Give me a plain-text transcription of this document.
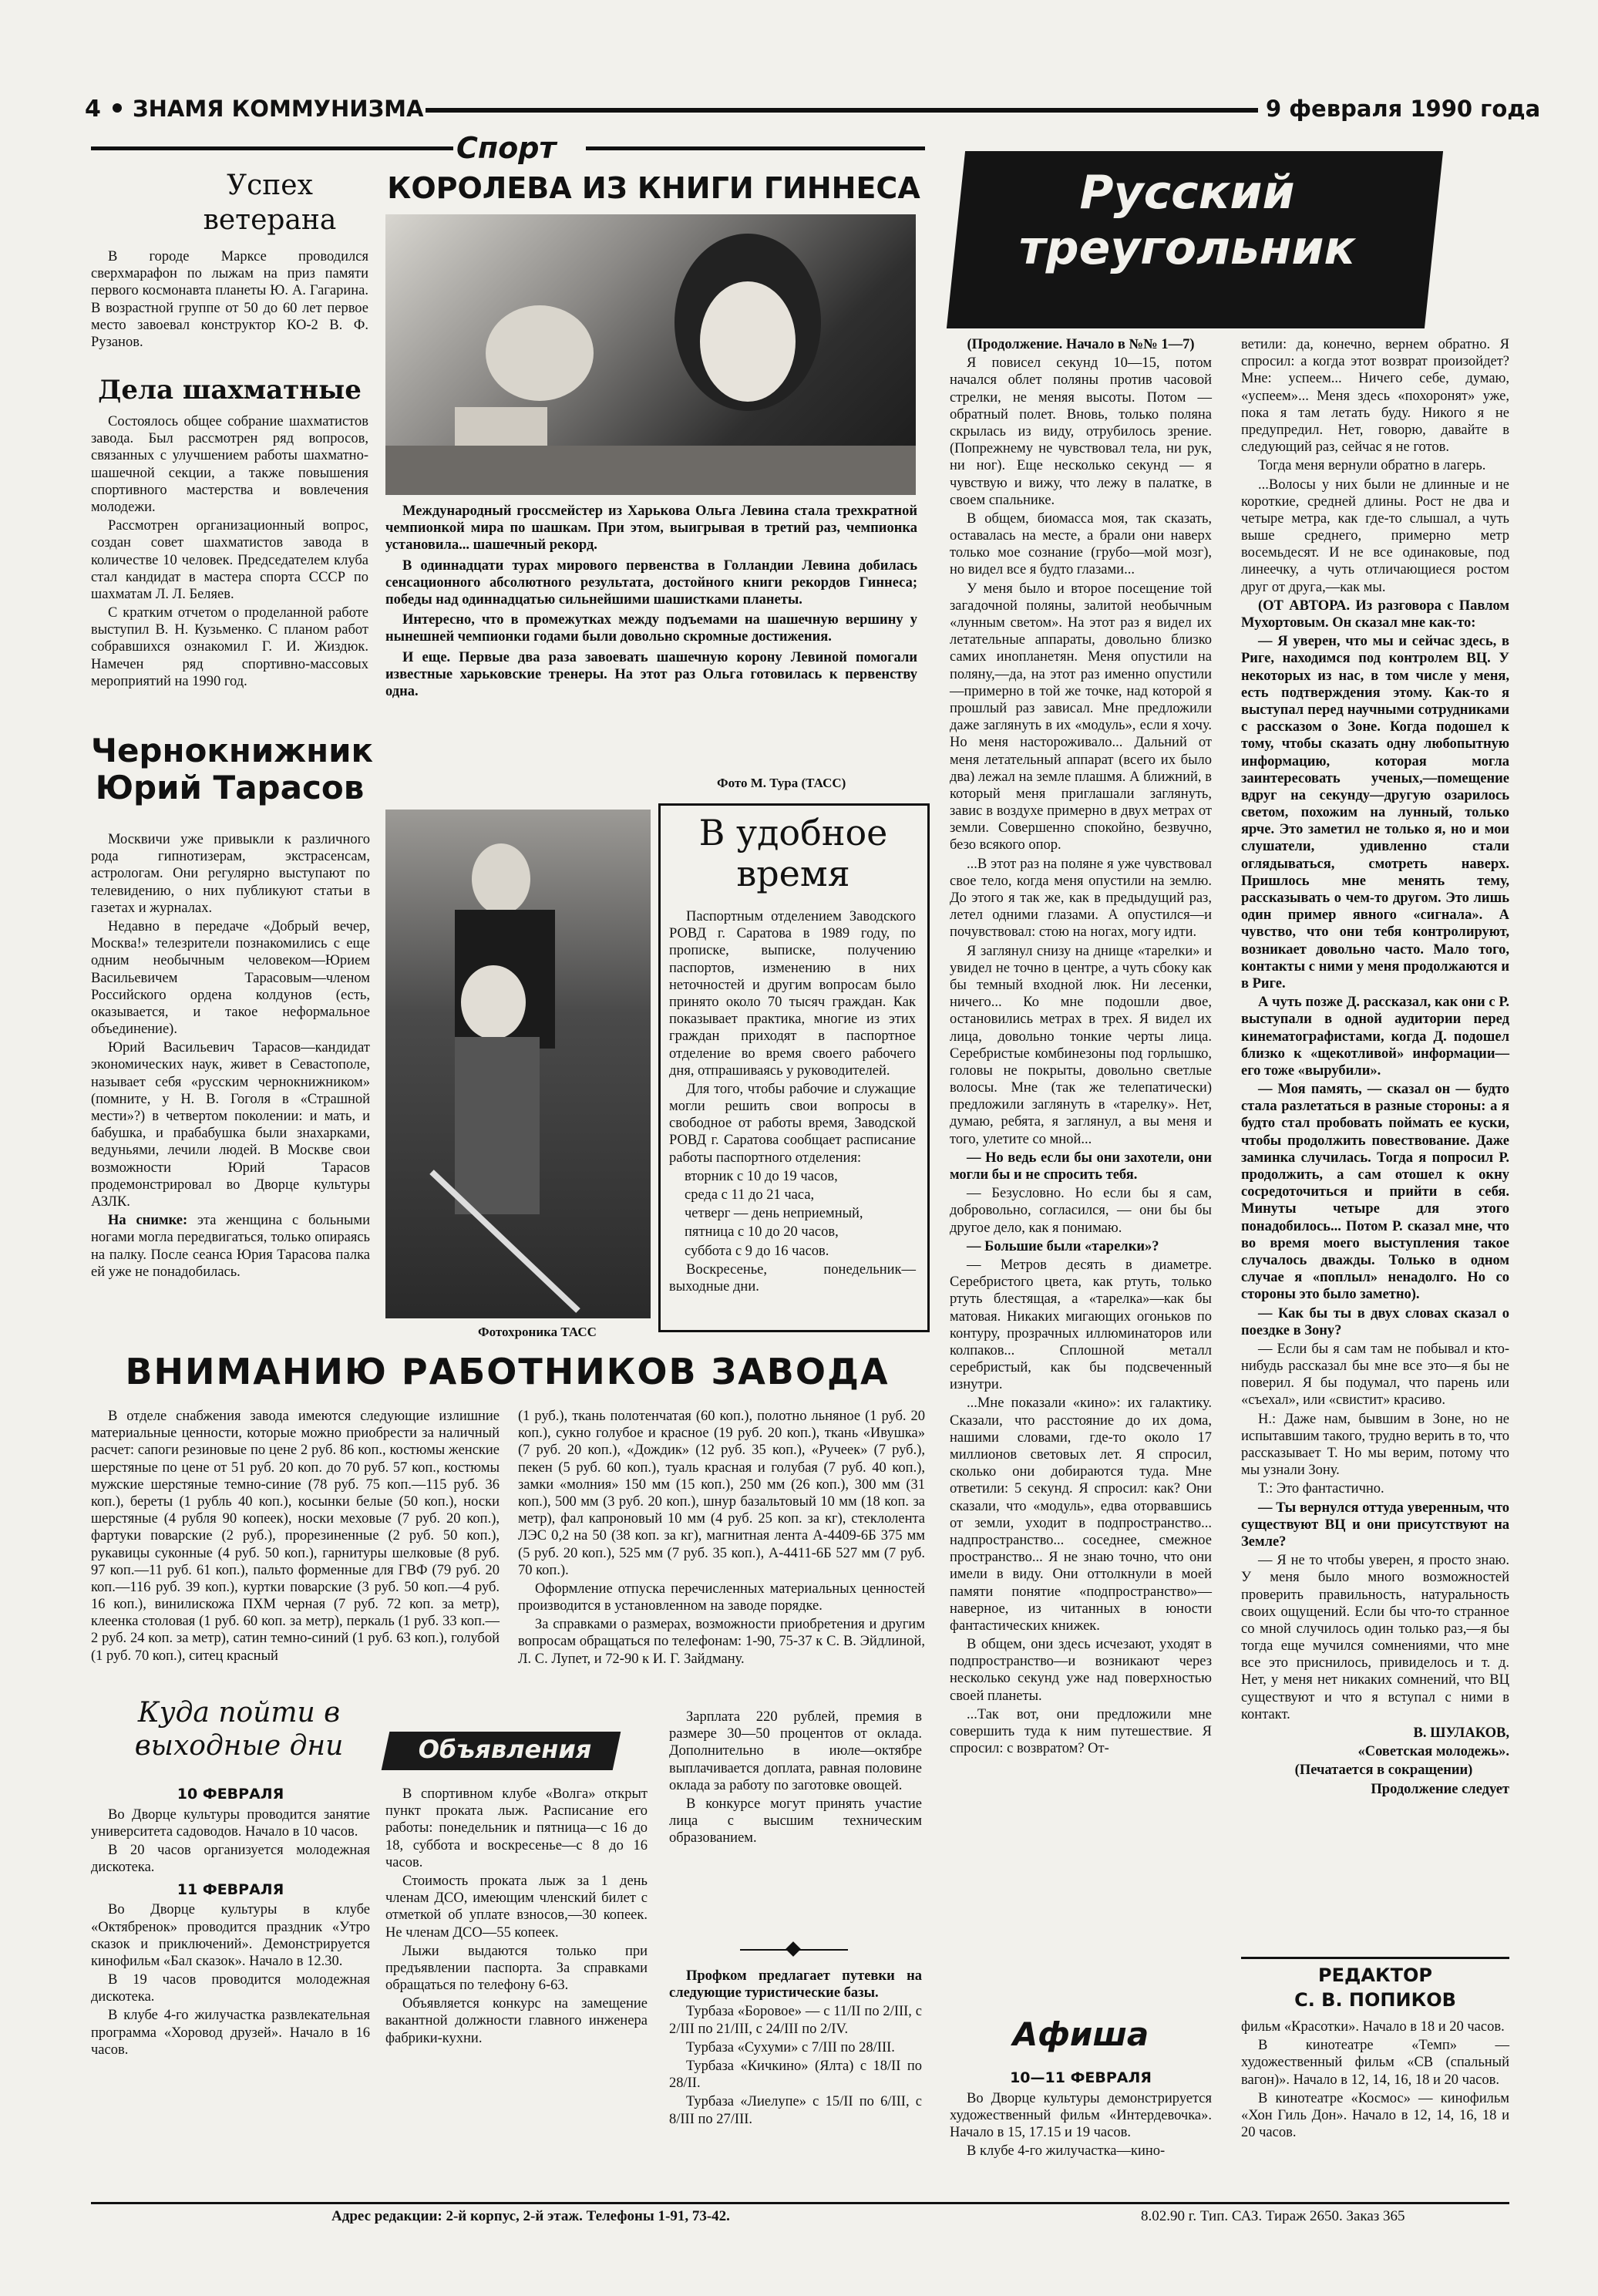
4 ЗНАМЯ КОММУНИЗМА	9 февраля 1990 года
Спорт
Успех ветерана

В городе Марксе проводился сверхмарафон по лыжам на приз памяти первого космонавта планеты Ю. А. Гагарина. В возрастной группе от 50 до 60 лет первое место завоевал конструктор КО-2 В. Ф. Рузанов.

Дела шахматные

Состоялось общее собрание шахматистов завода. Был рассмотрен ряд вопросов, связанных с улучшением работы шахматно-шашечной секции, а также повышения спортивного мастерства и вовлечения молодежи.

Рассмотрен организационный вопрос, создан совет шахматистов завода в количестве 10 человек. Председателем клуба стал кандидат в мастера спорта СССР по шахматам Л. Л. Беляев.

С кратким отчетом о проделанной работе выступил В. Н. Кузьменко. С планом работ собравшихся ознакомил Г. И. Жиздюк. Намечен ряд спортивно-массовых мероприятий на 1990 год.

КОРОЛЕВА ИЗ КНИГИ ГИННЕСА

Международный гроссмейстер из Харькова Ольга Левина стала трехкратной чемпионкой мира по шашкам. При этом, выигрывая в третий раз, чемпионка установила... шашечный рекорд.

В одиннадцати турах мирового первенства в Голландии Левина добилась сенсационного абсолютного результата, достойного книги рекордов Гиннеса; победы над одиннадцатью сильнейшими шашистками планеты.

Интересно, что в промежутках между подъемами на шашечную вершину у нынешней чемпионки годами были довольно скромные достижения.

И еще. Первые два раза завоевать шашечную корону Левиной помогали известные харьковские тренеры. На этот раз Ольга готовилась к первенству одна.

Фото М. Тура (ТАСС)
Чернокнижник Юрий Тарасов

Москвичи уже привыкли к различного рода гипнотизерам, экстрасенсам, астрологам. Они регулярно выступают по телевидению, о них публикуют статьи в газетах и журналах.

Недавно в передаче «Добрый вечер, Москва!» телезрители познакомились с еще одним необычным человеком—Юрием Васильевичем Тарасовым—членом Российского ордена колдунов (есть, оказывается, и такое неформальное объединение).

Юрий Васильевич Тарасов—кандидат экономических наук, живет в Севастополе, называет себя «русским чернокнижником» (помните, у Н. В. Гоголя в «Страшной мести»?) в четвертом поколении: и мать, и бабушка, и прабабушка были знахарками, ведуньями, лечили людей. В Москве свои возможности Юрий Тарасов продемонстрировал во Дворце культуры АЗЛК.

На снимке: эта женщина с больными ногами могла передвигаться, только опираясь на палку. После сеанса Юрия Тарасова палка ей уже не понадобилась.

Фотохроника ТАСС
В удобное время

Паспортным отделением Заводского РОВД г. Саратова в 1989 году, по прописке, выписке, получению паспортов, изменению в них неточностей и другим вопросам было принято около 70 тысяч граждан. Как показывает практика, многие из этих граждан приходят в паспортное отделение во время своего рабочего дня, отпрашиваясь у руководителей.

Для того, чтобы рабочие и служащие могли решить свои вопросы в свободное от работы время, Заводской РОВД г. Саратова сообщает расписание работы паспортного отделения:

вторник с 10 до 19 часов,

среда с 11 до 21 часа,

четверг — день неприемный,

пятница с 10 до 20 часов,

суббота с 9 до 16 часов.

Воскресенье, понедельник—выходные дни.

ВНИМАНИЮ РАБОТНИКОВ ЗАВОДА

В отделе снабжения завода имеются следующие излишние материальные ценности, которые можно приобрести за наличный расчет: сапоги резиновые по цене 2 руб. 86 коп., костюмы женские шерстяные по цене от 51 руб. 20 коп. до 70 руб. 57 коп., костюмы мужские шерстяные темно-синие (78 руб. 75 коп.—115 руб. 36 коп.), береты (1 рубль 40 коп.), косынки белые (50 коп.), носки шерстяные (4 рубля 90 копеек), носки меховые (7 руб. 20 коп.), фартуки поварские (2 руб.), прорезиненные (2 руб. 50 коп.), рукавицы суконные (4 руб. 50 коп.), гарнитуры шелковые (8 руб. 97 коп.—11 руб. 61 коп.), пальто форменные для ГВФ (79 руб. 20 коп.—116 руб. 39 коп.), куртки поварские (3 руб. 50 коп.—4 руб. 16 коп.), винилискожа ПХМ черная (7 руб. 72 коп. за метр), клеенка столовая (1 руб. 60 коп. за метр), перкаль (1 руб. 33 коп.—2 руб. 24 коп. за метр), сатин темно-синий (1 руб. 63 коп.), голубой (1 руб. 70 коп.), ситец красный

(1 руб.), ткань полотенчатая (60 коп.), полотно льняное (1 руб. 20 коп.), сукно голубое и красное (19 руб. 20 коп.), ткань «Ивушка» (7 руб. 20 коп.), «Дождик» (12 руб. 35 коп.), «Ручеек» (7 руб.), пекен (5 руб. 60 коп.), туаль красная и голубая (7 руб. 40 коп.), замки «молния» 150 мм (15 коп.), 250 мм (26 коп.), 300 мм (31 коп.), 500 мм (3 руб. 20 коп.), шнур базальтовый 10 мм (18 коп. за метр), фал капроновый 10 мм (4 руб. 25 коп. за кг), стеклолента ЛЭС 0,2 на 50 (38 коп. за кг), магнитная лента А-4409-6Б 375 мм (5 руб. 20 коп.), 525 мм (7 руб. 35 коп.), А-4411-6Б 527 мм (7 руб. 70 коп.).

Оформление отпуска перечисленных материальных ценностей производится в установленном на заводе порядке.

За справками о размерах, возможности приобретения и другим вопросам обращаться по телефонам: 1-90, 75-37 к С. В. Эйдлиной, Л. С. Лупет, и 72-90 к И. Г. Зайдману.

Куда пойти в выходные дни
10 ФЕВРАЛЯ

Во Дворце культуры проводится занятие университета садоводов. Начало в 10 часов.

В 20 часов организуется молодежная дискотека.

11 ФЕВРАЛЯ

Во Дворце культуры в клубе «Октябренок» проводится праздник «Утро сказок и приключений». Демонстрируется кинофильм «Бал сказок». Начало в 12.30.

В 19 часов проводится молодежная дискотека.

В клубе 4-го жилучастка развлекательная программа «Хоровод друзей». Начало в 16 часов.

Объявления

В спортивном клубе «Волга» открыт пункт проката лыж. Расписание его работы: понедельник и пятница—с 16 до 18, суббота и воскресенье—с 8 до 16 часов.

Стоимость проката лыж за 1 день членам ДСО, имеющим членский билет с отметкой об уплате взносов,—30 копеек. Не членам ДСО—55 копеек.

Лыжи выдаются только при предъявлении паспорта. За справками обращаться по телефону 6-63.

Объявляется конкурс на замещение вакантной должности главного инженера фабрики-кухни.

Зарплата 220 рублей, премия в размере 30—50 процентов от оклада. Дополнительно в июле—октябре выплачивается доплата, равная половине оклада за работу по заготовке овощей.

В конкурсе могут принять участие лица с высшим техническим образованием.

Профком предлагает путевки на следующие туристические базы.

Турбаза «Боровое» — с 11/II по 2/III, с 2/III по 21/III, с 24/III по 2/IV.

Турбаза «Сухуми» с 7/III по 28/III.

Турбаза «Кичкино» (Ялта) с 18/II по 28/II.

Турбаза «Лиелупе» с 15/II по 6/III, с 8/III по 27/III.

Русский треугольник

(Продолжение. Начало в №№ 1—7)

Я повисел секунд 10—15, потом начался облет поляны против часовой стрелки, не меняя высоты. Потом — обратный полет. Вновь, только поляна скрылась из виду, отрубилось зрение. (Попрежнему не чувствовал тела, ни рук, ни ног). Еще несколько секунд — я чувствую и вижу, что лежу в палатке, в своем спальнике.

В общем, биомасса моя, так сказать, оставалась на месте, а брали они наверх только мое сознание (грубо—мой мозг), но видел все я будто глазами...

У меня было и второе посещение той загадочной поляны, залитой необычным «лунным светом». На этот раз я видел их летательные аппараты, довольно близко самих инопланетян. Меня опустили на поляну,—да, на этот раз именно опустили—примерно в той же точке, над которой я прошлый раз зависал. Мне предложили даже заглянуть в их «модуль», если я хочу. Но меня настороживало... Дальний от меня летательный аппарат (всего их было два) лежал на земле плашмя. А ближний, в который меня приглашали заглянуть, завис в воздухе примерно в двух метрах от земли. Совершенно спокойно, безвучно, безо всякого опор.

...В этот раз на поляне я уже чувствовал свое тело, когда меня опустили на землю. До этого я так же, как в предыдущий раз, летел одними глазами. А опустился—и почувствовал: стою на ногах, могу идти.

Я заглянул снизу на днище «тарелки» и увидел не точно в центре, а чуть сбоку как бы темный входной люк. Ни лесенки, ничего... Ко мне подошли двое, остановились метрах в трех. Я видел их лица, довольно тонкие черты лица. Серебристые комбинезоны под горлышко, головы не покрыты, довольно светлые волосы. Мне (так же телепатически) предложили заглянуть в «тарелку». Нет, думаю, ребята, я заглянул, а вы меня и того, улетите со мной...

— Но ведь если бы они захотели, они могли бы и не спросить тебя.

— Безусловно. Но если бы я сам, добровольно, согласился, — они бы бы другое дело, как я понимаю.

— Большие были «тарелки»?

— Метров десять в диаметре. Серебристого цвета, как ртуть, только ртуть блестящая, а «тарелка»—как бы матовая. Никаких мигающих огоньков по контуру, прозрачных иллюминаторов или колпаков... Сплошной металл серебристый, как бы подсвеченный изнутри.

...Мне показали «кино»: их галактику. Сказали, что расстояние до их дома, нашими словами, где-то около 17 миллионов световых лет. Я спросил, сколько они добираются туда. Мне ответили: 5 секунд. Я спросил: как? Они сказали, что «модуль», едва оторвавшись от земли, уходит в подпространство... надпространство... соседнее, смежное пространство... Я не знаю точно, что они имели в виду. Они оттолкнули в моей памяти понятие «подпространство»—наверное, из читанных в юности фантастических книжек.

В общем, они здесь исчезают, уходят в подпространство—и возникают через несколько секунд уже над поверхностью своей планеты.

...Так вот, они предложили мне совершить туда к ним путешествие. Я спросил: с возвратом? От-

ветили: да, конечно, вернем обратно. Я спросил: а когда этот возврат произойдет? Мне: успеем... Ничего себе, думаю, «успеем»... Меня здесь «похоронят» уже, пока я там летать буду. Никого я не предупредил. Нет, говорю, давайте в следующий раз, сейчас я не готов.

Тогда меня вернули обратно в лагерь.

...Волосы у них были не длинные и не короткие, средней длины. Рост не два и четыре метра, как где-то слышал, а чуть выше среднего, примерно метр восемьдесят. И не все одинаковые, под линеечку, а чуть отличающиеся ростом друг от друга,—как мы.

(ОТ АВТОРА. Из разговора с Павлом Мухортовым. Он сказал мне как-то:

— Я уверен, что мы и сейчас здесь, в Риге, находимся под контролем ВЦ. У некоторых из нас, в том числе у меня, есть подтверждения этому. Как-то я выступал перед научными сотрудниками с рассказом о Зоне. Когда подошел к тому, чтобы сказать одну любопытную информацию, которая могла заинтересовать ученых,—помещение вдруг на секунду—другую озарилось светом, похожим на лунный, только ярче. Это заметил не только я, но и мои слушатели, удивленно стали оглядываться, смотреть наверх. Пришлось мне менять тему, рассказывать о чем-то другом. Это лишь один пример явного «сигнала». А чувство, что они тебя контролируют, возникает довольно часто. Мало того, контакты с ними у меня продолжаются и в Риге.

А чуть позже Д. рассказал, как они с Р. выступали в одной аудитории перед кинематографистами, когда Д. подошел близко к «щекотливой» информации—его тоже «вырубили».

— Моя память, — сказал он — будто стала разлетаться в разные стороны: а я будто стал пробовать поймать ее куски, чтобы продолжить повествование. Даже заминка случилась. Тогда я попросил Р. продолжить, а сам отошел к окну сосредоточиться и прийти в себя. Минуты четыре для этого понадобилось... Потом Р. сказал мне, что во время моего выступления такое случалось дважды. Только в одном случае я «поплыл» ненадолго. Но со стороны это было заметно).

— Как бы ты в двух словах сказал о поездке в Зону?

— Если бы я сам там не побывал и кто-нибудь рассказал бы мне все это—я бы не поверил. Я бы подумал, что парень или «съехал», или «свистит» красиво.

Н.: Даже нам, бывшим в Зоне, но не испытавшим такого, трудно верить в то, что рассказывает Т. Но мы верим, потому что мы узнали Зону.

Т.: Это фантастично.

— Ты вернулся оттуда уверенным, что существуют ВЦ и они присутствуют на Земле?

— Я не то чтобы уверен, я просто знаю. У меня было много возможностей проверить правильность, натуральность своих ощущений. Если бы что-то странное со мной случилось один только раз,—я бы тогда еще мучился сомнениями, что мне все это приснилось, привиделось и т. д. Нет, у меня нет никаких сомнений, что ВЦ существуют и что я вступал с ними в контакт.

В. ШУЛАКОВ,

«Советская молодежь».

(Печатается в сокращении)

Продолжение следует

РЕДАКТОР
С. В. ПОПИКОВ
Афиша
10—11 ФЕВРАЛЯ

Во Дворце культуры демонстрируется художественный фильм «Интердевочка». Начало в 15, 17.15 и 19 часов.

В клубе 4-го жилучастка—кино-

фильм «Красотки». Начало в 18 и 20 часов.

В кинотеатре «Темп» — художественный фильм «СВ (спальный вагон)». Начало в 12, 14, 16, 18 и 20 часов.

В кинотеатре «Космос» — кинофильм «Хон Гиль Дон». Начало в 12, 14, 16, 18 и 20 часов.

Адрес редакции: 2-й корпус, 2-й этаж. Телефоны 1-91, 73-42.	8.02.90 г. Тип. САЗ. Тираж 2650. Заказ 365
